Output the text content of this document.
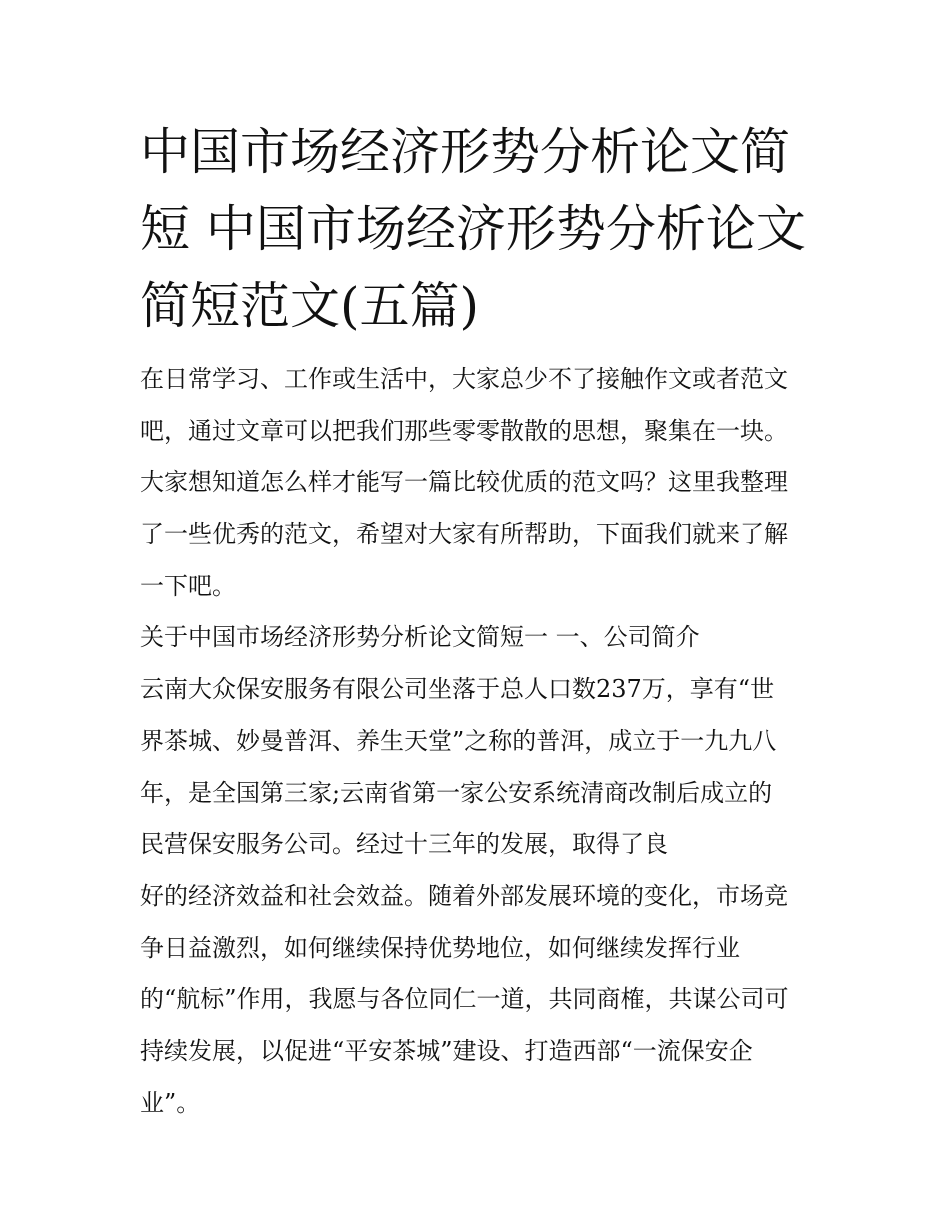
中国市场经济形势分析论文简
短 中国市场经济形势分析论文
简短范文(五篇)
在日常学习、工作或生活中，大家总少不了接触作文或者范文
吧，通过文章可以把我们那些零零散散的思想，聚集在一块。
大家想知道怎么样才能写一篇比较优质的范文吗？这里我整理
了一些优秀的范文，希望对大家有所帮助，下面我们就来了解
一下吧。
关于中国市场经济形势分析论文简短一 一、公司简介
云南大众保安服务有限公司坐落于总人口数237万，享有“世
界茶城、妙曼普洱、养生天堂”之称的普洱，成立于一九九八
年，是全国第三家;云南省第一家公安系统清商改制后成立的
民营保安服务公司。经过十三年的发展，取得了良
好的经济效益和社会效益。随着外部发展环境的变化，市场竞
争日益激烈，如何继续保持优势地位，如何继续发挥行业
的“航标”作用，我愿与各位同仁一道，共同商榷，共谋公司可
持续发展，以促进“平安茶城”建设、打造西部“一流保安企
业”。
